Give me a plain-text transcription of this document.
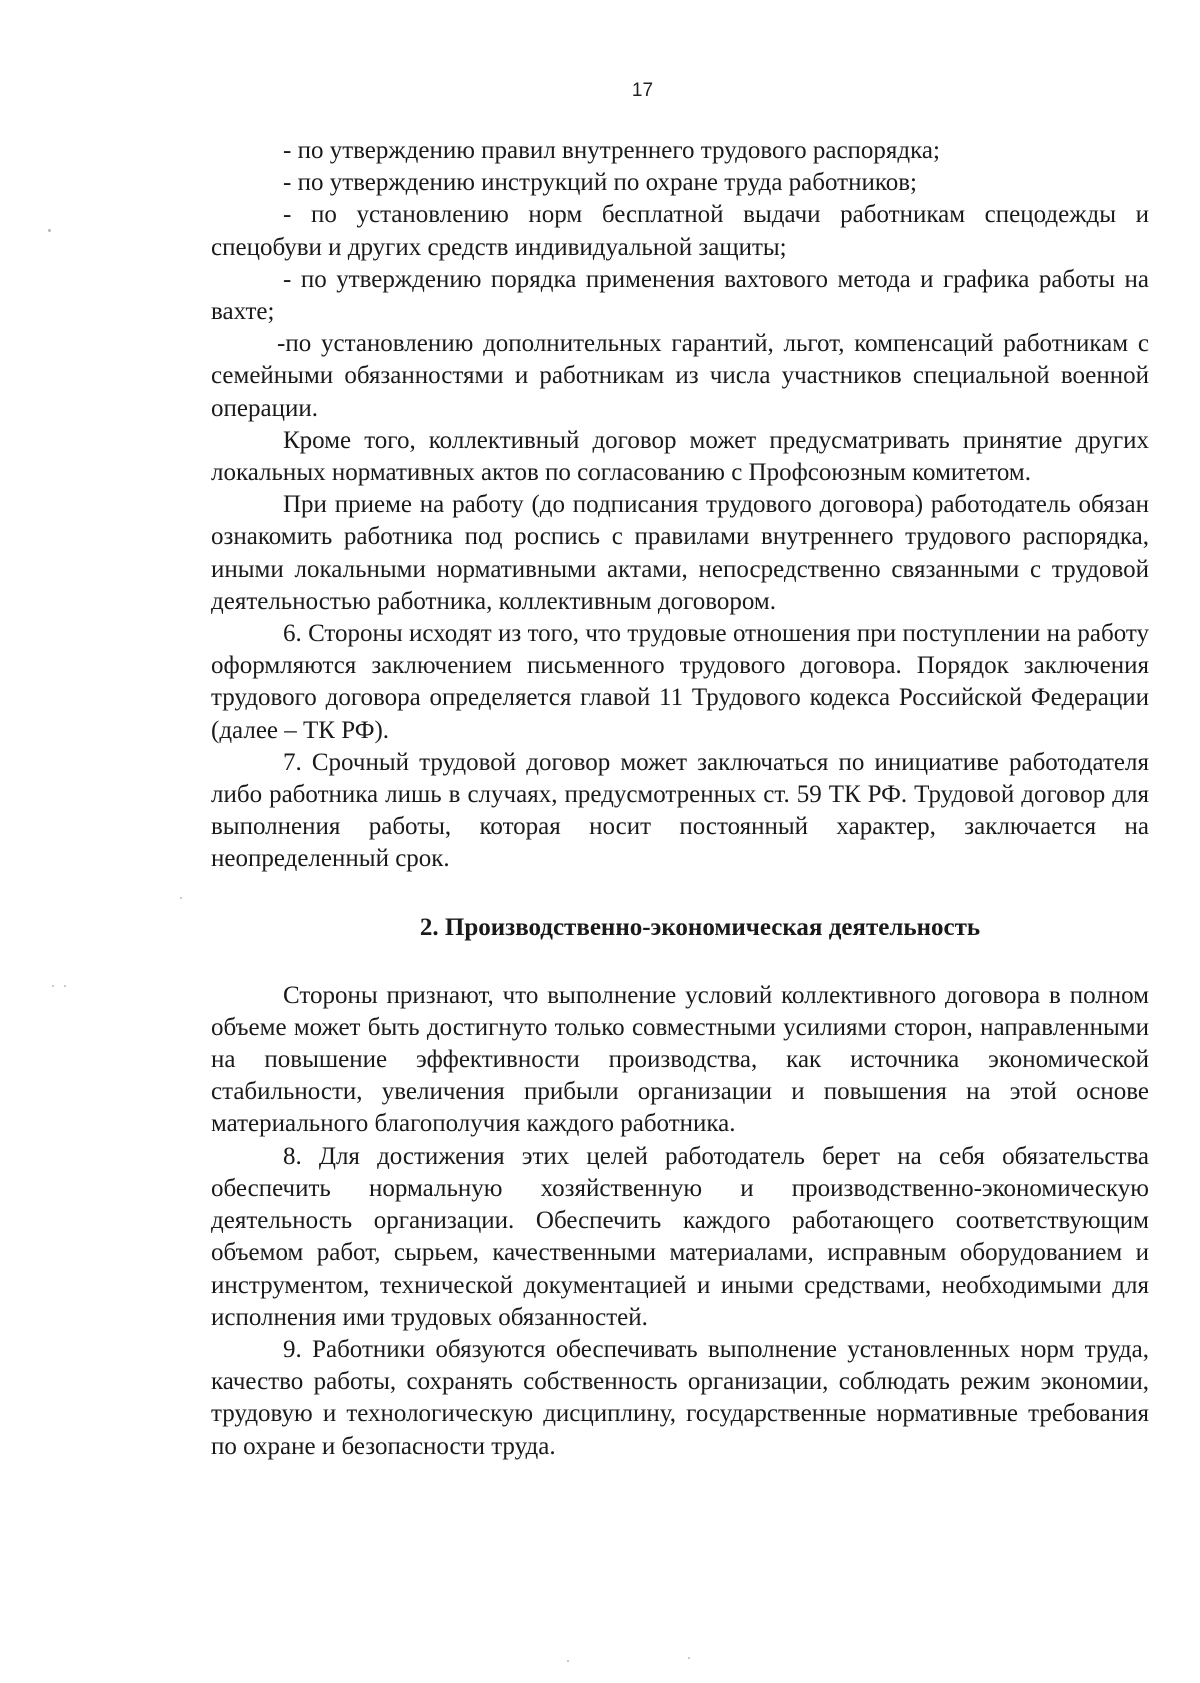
17

- по утверждению правил внутреннего трудового распорядка;

- по утверждению инструкций по охране труда работников;

- по установлению норм бесплатной выдачи работникам спецодежды и спецобуви и других средств индивидуальной защиты;

- по утверждению порядка применения вахтового метода и графика работы на вахте;

-по установлению дополнительных гарантий, льгот, компенсаций работникам с семейными обязанностями и работникам из числа участников специальной военной операции.

Кроме того, коллективный договор может предусматривать принятие других локальных нормативных актов по согласованию с Профсоюзным комитетом.

При приеме на работу (до подписания трудового договора) работодатель обязан ознакомить работника под роспись с правилами внутреннего трудового распорядка, иными локальными нормативными актами, непосредственно связанными с трудовой деятельностью работника, коллективным договором.

6. Стороны исходят из того, что трудовые отношения при поступлении на работу оформляются заключением письменного трудового договора. Порядок заключения трудового договора определяется главой 11 Трудового кодекса Российской Федерации (далее – ТК РФ).

7. Срочный трудовой договор может заключаться по инициативе работодателя либо работника лишь в случаях, предусмотренных ст. 59 ТК РФ. Трудовой договор для выполнения работы, которая носит постоянный характер, заключается на неопределенный срок.

2. Производственно-экономическая деятельность

Стороны признают, что выполнение условий коллективного договора в полном объеме может быть достигнуто только совместными усилиями сторон, направленными на повышение эффективности производства, как источника экономической стабильности, увеличения прибыли организации и повышения на этой основе материального благополучия каждого работника.

8. Для достижения этих целей работодатель берет на себя обязательства обеспечить нормальную хозяйственную и производственно-экономическую деятельность организации. Обеспечить каждого работающего соответствующим объемом работ, сырьем, качественными материалами, исправным оборудованием и инструментом, технической документацией и иными средствами, необходимыми для исполнения ими трудовых обязанностей.

9. Работники обязуются обеспечивать выполнение установленных норм труда, качество работы, сохранять собственность организации, соблюдать режим экономии, трудовую и технологическую дисциплину, государственные нормативные требования по охране и безопасности труда.
